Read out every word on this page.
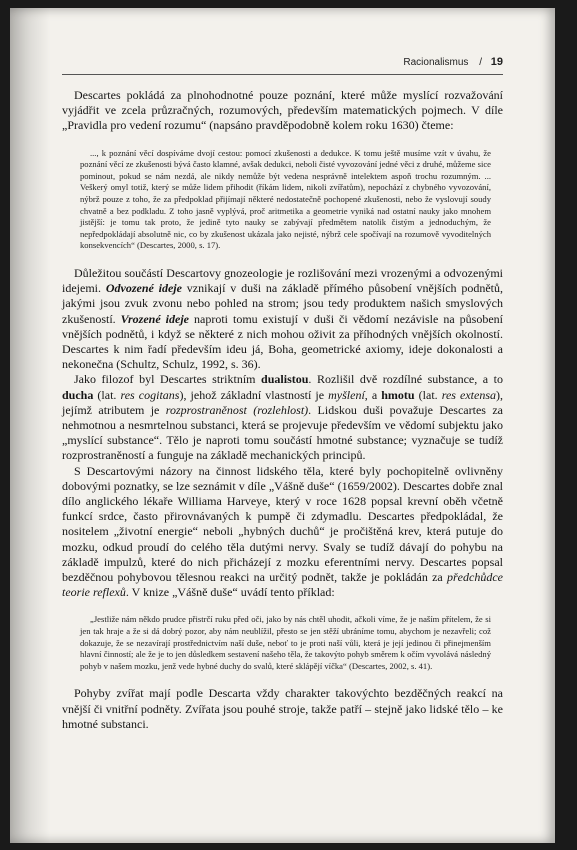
Racionalismus / 19

Descartes pokládá za plnohodnotné pouze poznání, které může myslící rozvažování vyjádřit ve zcela průzračných, rozumových, především matematických pojmech. V díle „Pravidla pro vedení rozumu“ (napsáno pravděpodobně kolem roku 1630) čteme:

..., k poznání věcí dospíváme dvojí cestou: pomocí zkušenosti a dedukce. K tomu ještě musíme vzít v úvahu, že poznání věcí ze zkušenosti bývá často klamné, avšak dedukci, neboli čisté vyvozování jedné věci z druhé, můžeme sice pominout, pokud se nám nezdá, ale nikdy nemůže být vedena nesprávně intelektem aspoň trochu rozumným. ... Veškerý omyl totiž, který se může lidem přihodit (říkám lidem, nikoli zvířatům), nepochází z chybného vyvozování, nýbrž pouze z toho, že za předpoklad přijímají některé nedostatečně pochopené zkušenosti, nebo že vyslovují soudy chvatně a bez podkladu. Z toho jasně vyplývá, proč aritmetika a geometrie vyniká nad ostatní nauky jako mnohem jistější: je tomu tak proto, že jedině tyto nauky se zabývají předmětem natolik čistým a jednoduchým, že nepředpokládají absolutně nic, co by zkušenost ukázala jako nejisté, nýbrž cele spočívají na rozumově vyvoditelných konsekvencích“ (Descartes, 2000, s. 17).

Důležitou součástí Descartovy gnozeologie je rozlišování mezi vrozenými a odvozenými idejemi. Odvozené ideje vznikají v duši na základě přímého působení vnějších podnětů, jakými jsou zvuk zvonu nebo pohled na strom; jsou tedy produktem našich smyslových zkušeností. Vrozené ideje naproti tomu existují v duši či vědomí nezávisle na působení vnějších podnětů, i když se některé z nich mohou oživit za příhodných vnějších okolností. Descartes k nim řadí především ideu já, Boha, geometrické axiomy, ideje dokonalosti a nekonečna (Schultz, Schulz, 1992, s. 36).

Jako filozof byl Descartes striktním dualistou. Rozlišil dvě rozdílné substance, a to ducha (lat. res cogitans), jehož základní vlastností je myšlení, a hmotu (lat. res extensa), jejímž atributem je rozprostraněnost (rozlehlost). Lidskou duši považuje Descartes za nehmotnou a nesmrtelnou substanci, která se projevuje především ve vědomí subjektu jako „myslící substance“. Tělo je naproti tomu součástí hmotné substance; vyznačuje se tudíž rozprostraněností a funguje na základě mechanických principů.

S Descartovými názory na činnost lidského těla, které byly pochopitelně ovlivněny dobovými poznatky, se lze seznámit v díle „Vášně duše“ (1659/2002). Descartes dobře znal dílo anglického lékaře Williama Harveye, který v roce 1628 popsal krevní oběh včetně funkcí srdce, často přirovnávaných k pumpě či zdymadlu. Descartes předpokládal, že nositelem „životní energie“ neboli „hybných duchů“ je pročištěná krev, která putuje do mozku, odkud proudí do celého těla dutými nervy. Svaly se tudíž dávají do pohybu na základě impulzů, které do nich přicházejí z mozku eferentními nervy. Descartes popsal bezděčnou pohybovou tělesnou reakci na určitý podnět, takže je pokládán za předchůdce teorie reflexů. V knize „Vášně duše“ uvádí tento příklad:

„Jestliže nám někdo prudce přistrčí ruku před oči, jako by nás chtěl uhodit, ačkoli víme, že je naším přítelem, že si jen tak hraje a že si dá dobrý pozor, aby nám neublížil, přesto se jen stěží ubráníme tomu, abychom je nezavřeli; což dokazuje, že se nezavírají prostřednictvím naší duše, neboť to je proti naší vůli, která je její jedinou či přinejmenším hlavní činností; ale že je to jen důsledkem sestavení našeho těla, že takovýto pohyb směrem k očím vyvolává následný pohyb v našem mozku, jenž vede hybné duchy do svalů, které sklápějí víčka“ (Descartes, 2002, s. 41).

Pohyby zvířat mají podle Descarta vždy charakter takovýchto bezděčných reakcí na vnější či vnitřní podněty. Zvířata jsou pouhé stroje, takže patří – stejně jako lidské tělo – ke hmotné substanci.
